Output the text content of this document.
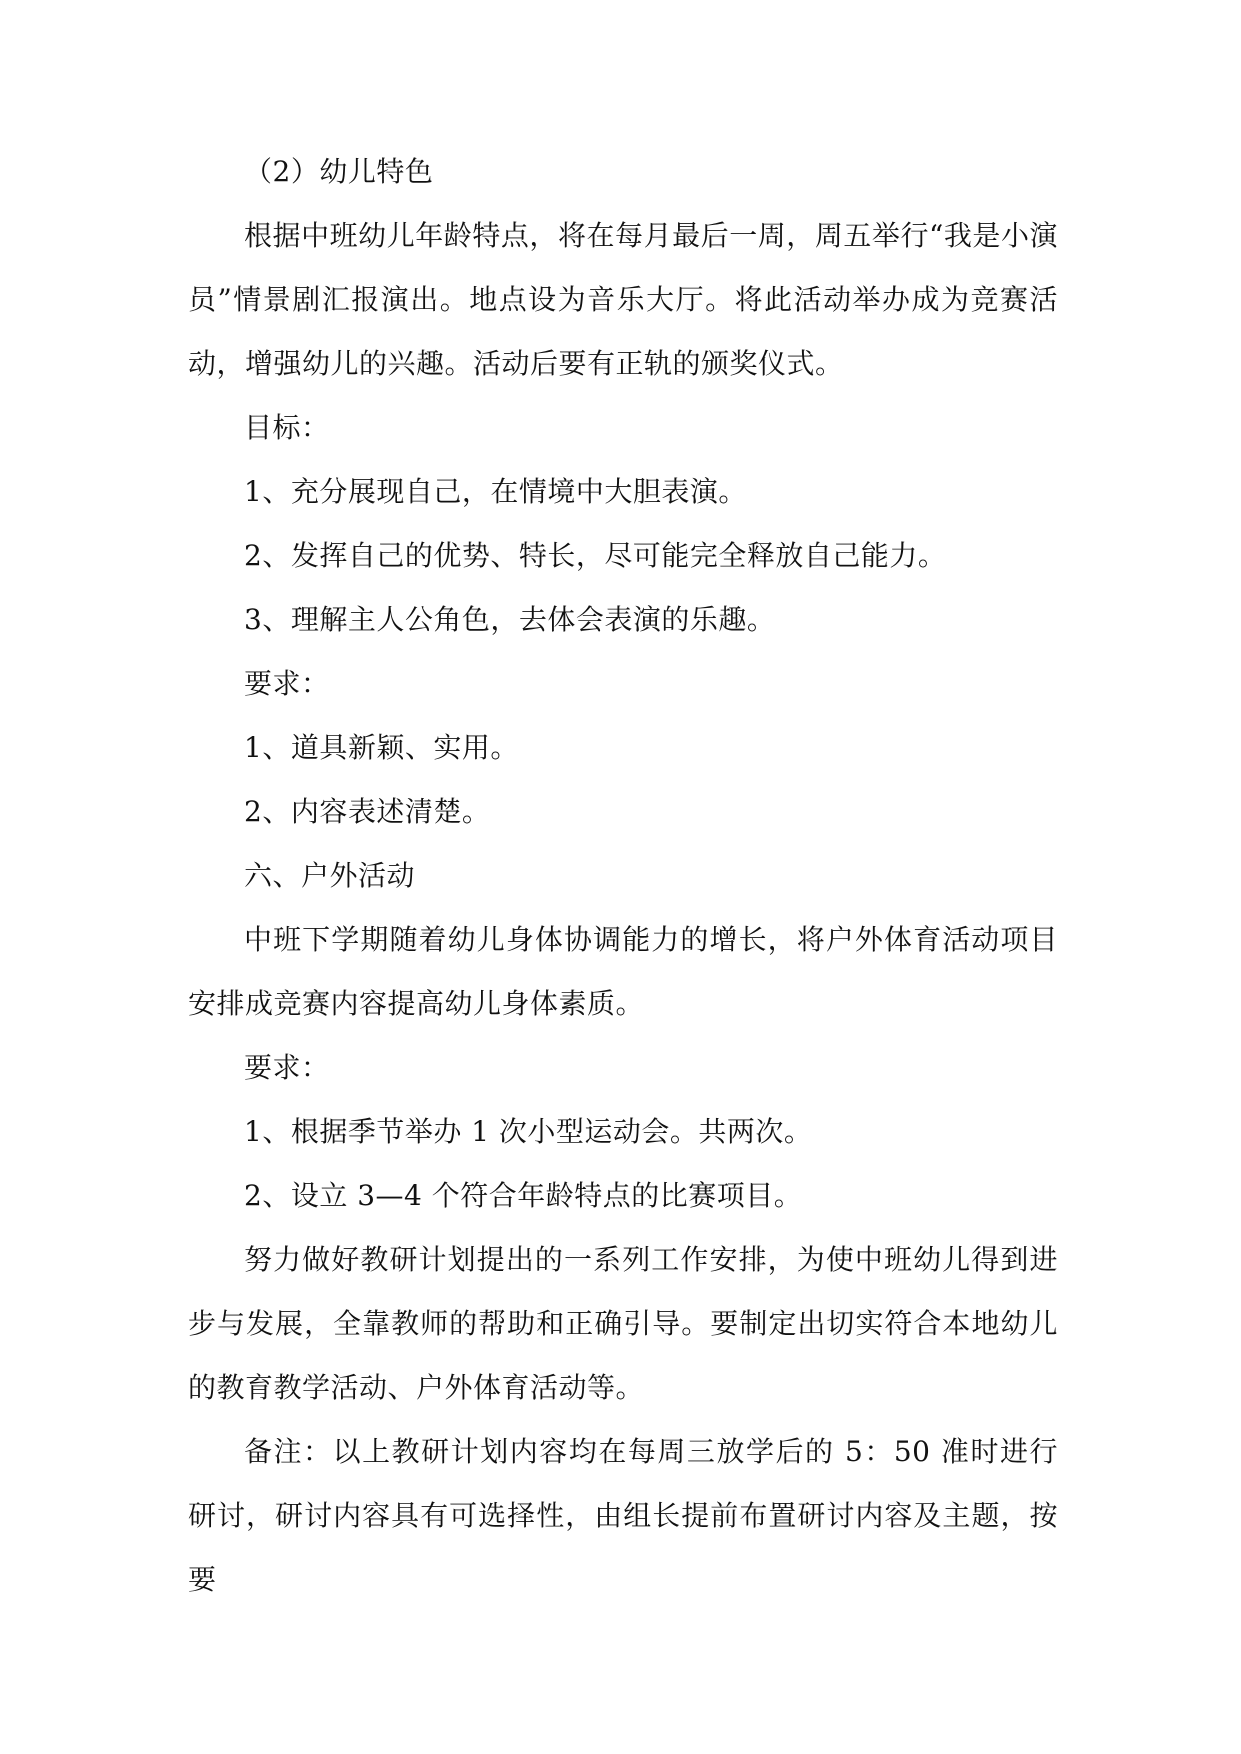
（2）幼儿特色

根据中班幼儿年龄特点，将在每月最后一周，周五举行“我是小演员”情景剧汇报演出。地点设为音乐大厅。将此活动举办成为竞赛活动，增强幼儿的兴趣。活动后要有正轨的颁奖仪式。

目标：

1、充分展现自己，在情境中大胆表演。

2、发挥自己的优势、特长，尽可能完全释放自己能力。

3、理解主人公角色，去体会表演的乐趣。

要求：

1、道具新颖、实用。

2、内容表述清楚。

六、户外活动

中班下学期随着幼儿身体协调能力的增长，将户外体育活动项目安排成竞赛内容提高幼儿身体素质。

要求：

1、根据季节举办 1 次小型运动会。共两次。

2、设立 3—4 个符合年龄特点的比赛项目。

努力做好教研计划提出的一系列工作安排，为使中班幼儿得到进步与发展，全靠教师的帮助和正确引导。要制定出切实符合本地幼儿的教育教学活动、户外体育活动等。

备注：以上教研计划内容均在每周三放学后的 5：50 准时进行研讨，研讨内容具有可选择性，由组长提前布置研讨内容及主题，按要
